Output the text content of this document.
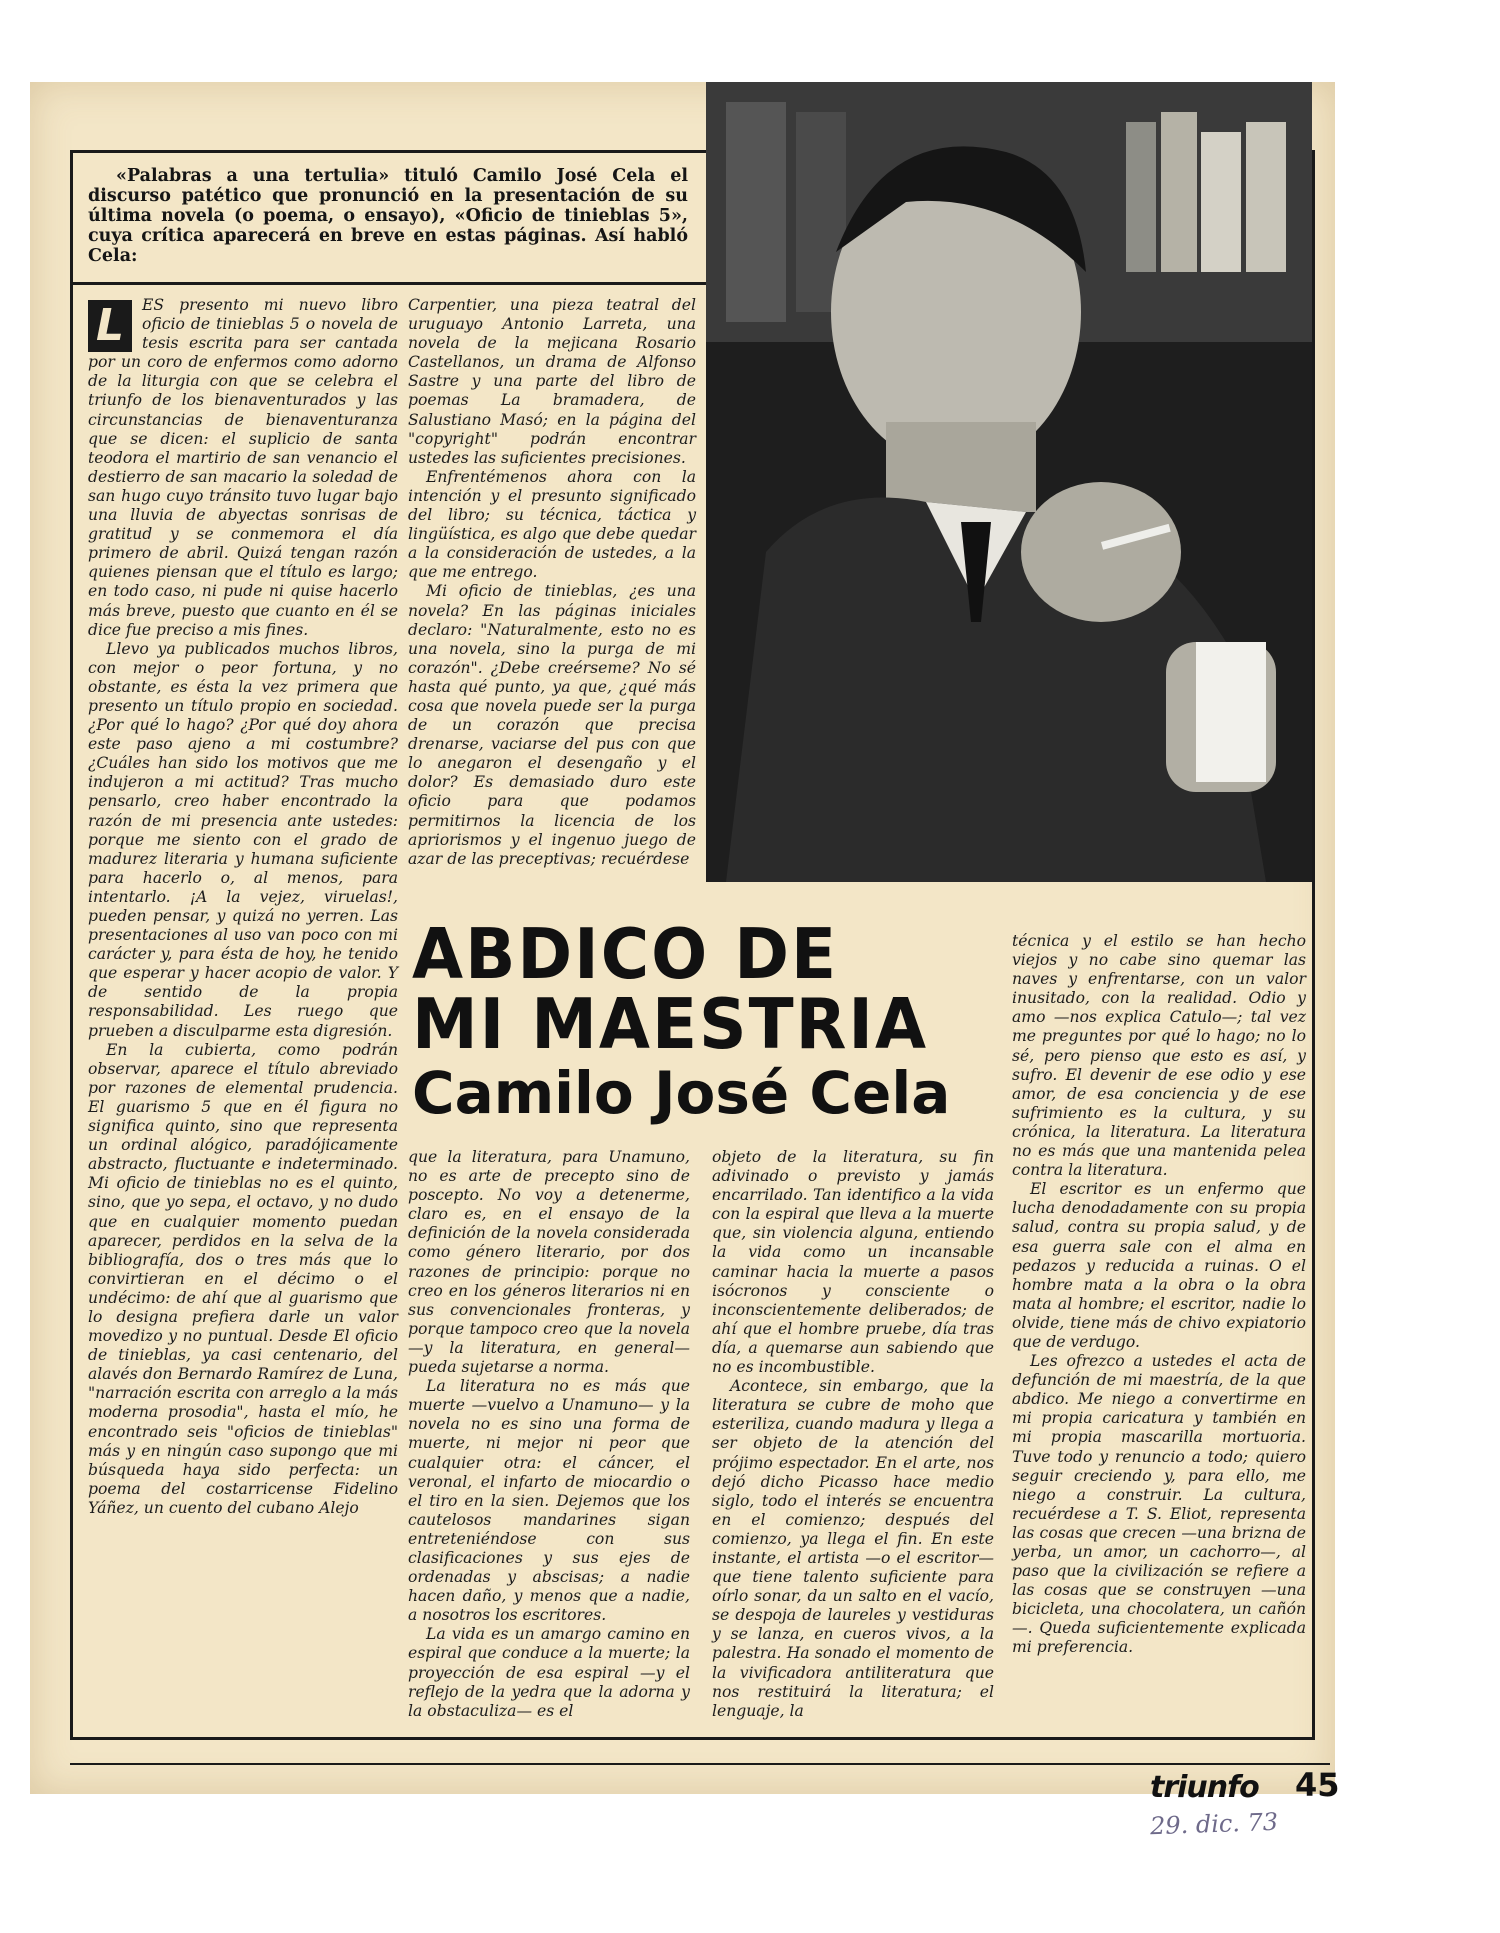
«Palabras a una tertulia» tituló Camilo José Cela el discurso patético que pronunció en la presentación de su última novela (o poema, o ensayo), «Oficio de tinieblas 5», cuya crítica aparecerá en breve en estas páginas. Así habló Cela:

L	ES presento mi nuevo libro oficio de tinieblas 5 o novela de tesis escrita para ser cantada por un coro de enfermos como adorno de la liturgia con que se celebra el triunfo de los bienaventurados y las circunstancias de bienaventuranza que se dicen: el suplicio de santa teodora el martirio de san venancio el destierro de san macario la soledad de san hugo cuyo tránsito tuvo lugar bajo una lluvia de abyectas sonrisas de gratitud y se conmemora el día primero de abril. Quizá tengan razón quienes piensan que el título es largo; en todo caso, ni pude ni quise hacerlo más breve, puesto que cuanto en él se dice fue preciso a mis fines.

Llevo ya publicados muchos libros, con mejor o peor fortuna, y no obstante, es ésta la vez primera que presento un título propio en sociedad. ¿Por qué lo hago? ¿Por qué doy ahora este paso ajeno a mi costumbre? ¿Cuáles han sido los motivos que me indujeron a mi actitud? Tras mucho pensarlo, creo haber encontrado la razón de mi presencia ante ustedes: porque me siento con el grado de madurez literaria y humana suficiente para hacerlo o, al menos, para intentarlo. ¡A la vejez, viruelas!, pueden pensar, y quizá no yerren. Las presentaciones al uso van poco con mi carácter y, para ésta de hoy, he tenido que esperar y hacer acopio de valor. Y de sentido de la propia responsabilidad. Les ruego que prueben a disculparme esta digresión.

En la cubierta, como podrán observar, aparece el título abreviado por razones de elemental prudencia. El guarismo 5 que en él figura no significa quinto, sino que representa un ordinal alógico, paradójicamente abstracto, fluctuante e indeterminado. Mi oficio de tinieblas no es el quinto, sino, que yo sepa, el octavo, y no dudo que en cualquier momento puedan aparecer, perdidos en la selva de la bibliografía, dos o tres más que lo convirtieran en el décimo o el undécimo: de ahí que al guarismo que lo designa prefiera darle un valor movedizo y no puntual. Desde El oficio de tinieblas, ya casi centenario, del alavés don Bernardo Ramírez de Luna, "narración escrita con arreglo a la más moderna prosodia", hasta el mío, he encontrado seis "oficios de tinieblas" más y en ningún caso supongo que mi búsqueda haya sido perfecta: un poema del costarricense Fidelino Yáñez, un cuento del cubano Alejo

Carpentier, una pieza teatral del uruguayo Antonio Larreta, una novela de la mejicana Rosario Castellanos, un drama de Alfonso Sastre y una parte del libro de poemas La bramadera, de Salustiano Masó; en la página del "copyright" podrán encontrar ustedes las suficientes precisiones.

Enfrentémenos ahora con la intención y el presunto significado del libro; su técnica, táctica y lingüística, es algo que debe quedar a la consideración de ustedes, a la que me entrego.

Mi oficio de tinieblas, ¿es una novela? En las páginas iniciales declaro: "Naturalmente, esto no es una novela, sino la purga de mi corazón". ¿Debe creérseme? No sé hasta qué punto, ya que, ¿qué más cosa que novela puede ser la purga de un corazón que precisa drenarse, vaciarse del pus con que lo anegaron el desengaño y el dolor? Es demasiado duro este oficio para que podamos permitirnos la licencia de los apriorismos y el ingenuo juego de azar de las preceptivas; recuérdese

ABDICO DE
MI MAESTRIA
Camilo José Cela

que la literatura, para Unamuno, no es arte de precepto sino de poscepto. No voy a detenerme, claro es, en el ensayo de la definición de la novela considerada como género literario, por dos razones de principio: porque no creo en los géneros literarios ni en sus convencionales fronteras, y porque tampoco creo que la novela —y la literatura, en general— pueda sujetarse a norma.

La literatura no es más que muerte —vuelvo a Unamuno— y la novela no es sino una forma de muerte, ni mejor ni peor que cualquier otra: el cáncer, el veronal, el infarto de miocardio o el tiro en la sien. Dejemos que los cautelosos mandarines sigan entreteniéndose con sus clasificaciones y sus ejes de ordenadas y abscisas; a nadie hacen daño, y menos que a nadie, a nosotros los escritores.

La vida es un amargo camino en espiral que conduce a la muerte; la proyección de esa espiral —y el reflejo de la yedra que la adorna y la obstaculiza— es el

objeto de la literatura, su fin adivinado o previsto y jamás encarrilado. Tan identifico a la vida con la espiral que lleva a la muerte que, sin violencia alguna, entiendo la vida como un incansable caminar hacia la muerte a pasos isócronos y consciente o inconscientemente deliberados; de ahí que el hombre pruebe, día tras día, a quemarse aun sabiendo que no es incombustible.

Acontece, sin embargo, que la literatura se cubre de moho que esteriliza, cuando madura y llega a ser objeto de la atención del prójimo espectador. En el arte, nos dejó dicho Picasso hace medio siglo, todo el interés se encuentra en el comienzo; después del comienzo, ya llega el fin. En este instante, el artista —o el escritor— que tiene talento suficiente para oírlo sonar, da un salto en el vacío, se despoja de laureles y vestiduras y se lanza, en cueros vivos, a la palestra. Ha sonado el momento de la vivificadora antiliteratura que nos restituirá la literatura; el lenguaje, la

técnica y el estilo se han hecho viejos y no cabe sino quemar las naves y enfrentarse, con un valor inusitado, con la realidad. Odio y amo —nos explica Catulo—; tal vez me preguntes por qué lo hago; no lo sé, pero pienso que esto es así, y sufro. El devenir de ese odio y ese amor, de esa conciencia y de ese sufrimiento es la cultura, y su crónica, la literatura. La literatura no es más que una mantenida pelea contra la literatura.

El escritor es un enfermo que lucha denodadamente con su propia salud, contra su propia salud, y de esa guerra sale con el alma en pedazos y reducida a ruinas. O el hombre mata a la obra o la obra mata al hombre; el escritor, nadie lo olvide, tiene más de chivo expiatorio que de verdugo.

Les ofrezco a ustedes el acta de defunción de mi maestría, de la que abdico. Me niego a convertirme en mi propia caricatura y también en mi propia mascarilla mortuoria. Tuve todo y renuncio a todo; quiero seguir creciendo y, para ello, me niego a construir. La cultura, recuérdese a T. S. Eliot, representa las cosas que crecen —una brizna de yerba, un amor, un cachorro—, al paso que la civilización se refiere a las cosas que se construyen —una bicicleta, una chocolatera, un cañón—. Queda suficientemente explicada mi preferencia.

triunfo 45
29. dic. 73
